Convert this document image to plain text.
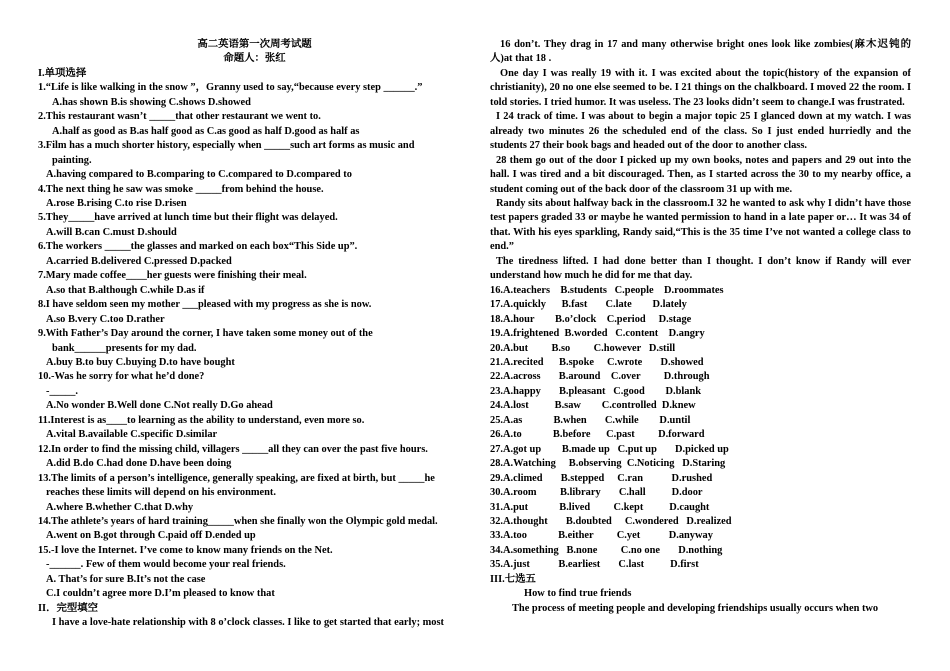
高二英语第一次周考试题

命题人：张红

I.单项选择

1.“Life is like walking in the snow ”，Granny used to say,“because every step ______.”

A.has shown B.is showing C.shows D.showed

2.This restaurant wasn’t _____that other restaurant we went to.

A.half as good as B.as half good as C.as good as half D.good as half as

3.Film has a much shorter history, especially when _____such art forms as music and

painting.

A.having compared to B.comparing to C.compared to D.compared to

4.The next thing he saw was smoke _____from behind the house.

A.rose B.rising C.to rise D.risen

5.They_____have arrived at lunch time but their flight was delayed.

A.will B.can C.must D.should

6.The workers _____the glasses and marked on each box“This Side up”.

A.carried B.delivered C.pressed D.packed

7.Mary made coffee____her guests were finishing their meal.

A.so that B.although C.while D.as if

8.I have seldom seen my mother ___pleased with my progress as she is now.

A.so B.very C.too D.rather

9.With Father’s Day around the corner, I have taken some money out of the

bank______presents for my dad.

A.buy B.to buy C.buying D.to have bought

10.-Was he sorry for what he’d done?

-_____.

A.No wonder B.Well done C.Not really D.Go ahead

11.Interest is as____to learning as the ability to understand, even more so.

A.vital B.available C.specific D.similar

12.In order to find the missing child, villagers _____all they can over the past five hours.

A.did B.do C.had done D.have been doing

13.The limits of a person’s intelligence, generally speaking, are fixed at birth, but _____he

reaches these limits will depend on his environment.

A.where B.whether C.that D.why

14.The athlete’s years of hard training_____when she finally won the Olympic gold medal.

A.went on B.got through C.paid off D.ended up

15.-I love the Internet. I’ve come to know many friends on the Net.

-______. Few of them would become your real friends.

A. That’s for sure B.It’s not the case

C.I couldn’t agree more D.I’m pleased to know that

II．完型填空

I have a love-hate relationship with 8 o’clock classes. I like to get started that early; most

16 don’t. They drag in 17 and many otherwise bright ones look like zombies(麻木迟钝的人)at that 18 .

One day I was really 19 with it. I was excited about the topic(history of the expansion of christianity), 20 no one else seemed to be. I 21 things on the chalkboard. I moved 22 the room. I told stories. I tried humor. It was useless. The 23 looks didn’t seem to change.I was frustrated.

I 24 track of time. I was about to begin a major topic 25 I glanced down at my watch. I was already two minutes 26 the scheduled end of the class. So I just ended hurriedly and the students 27 their book bags and headed out of the door to another class.

28 them go out of the door I picked up my own books, notes and papers and 29 out into the hall. I was tired and a bit discouraged. Then, as I started across the 30 to my nearby office, a student coming out of the back door of the classroom 31 up with me.

Randy sits about halfway back in the classroom.I 32 he wanted to ask why I didn’t have those test papers graded 33 or maybe he wanted permission to hand in a late paper or… It was 34 of that. With his eyes sparkling, Randy said,“This is the 35 time I’ve not wanted a college class to end.”

The tiredness lifted. I had done better than I thought. I don’t know if Randy will ever understand how much he did for me that day.

16.A.teachers    B.students   C.people    D.roommates

17.A.quickly      B.fast       C.late        D.lately

18.A.hour        B.o’clock    C.period     D.stage

19.A.frightened  B.worded   C.content    D.angry

20.A.but         B.so         C.however   D.still

21.A.recited      B.spoke     C.wrote       D.showed

22.A.across       B.around    C.over         D.through

23.A.happy       B.pleasant   C.good        D.blank

24.A.lost          B.saw        C.controlled  D.knew

25.A.as            B.when       C.while        D.until

26.A.to            B.before      C.past         D.forward

27.A.got up        B.made up   C.put up       D.picked up

28.A.Watching     B.observing  C.Noticing   D.Staring

29.A.climed       B.stepped     C.ran           D.rushed

30.A.room         B.library       C.hall          D.door

31.A.put            B.lived         C.kept          D.caught

32.A.thought       B.doubted     C.wondered   D.realized

33.A.too            B.either         C.yet           D.anyway

34.A.something   B.none         C.no one       D.nothing

35.A.just           B.earliest       C.last          D.first

III.七选五

How to find true friends

The process of meeting people and developing friendships usually occurs when two
